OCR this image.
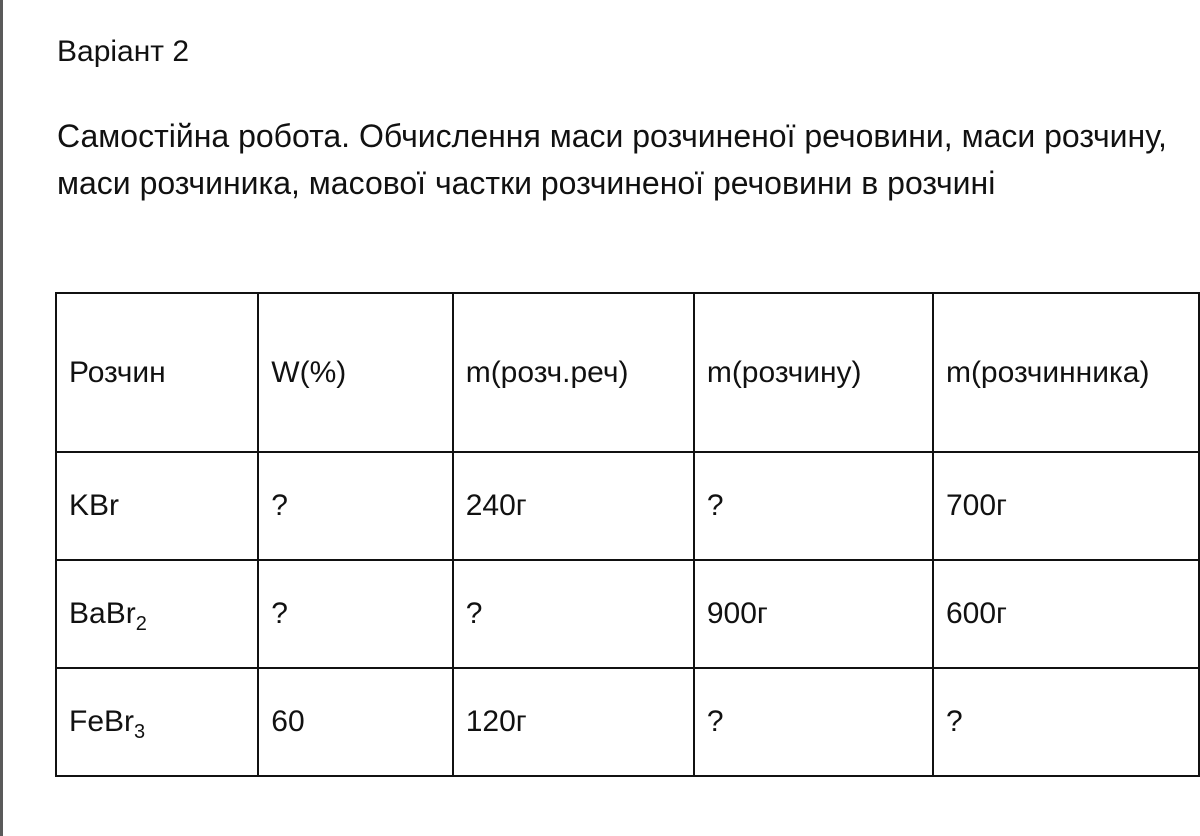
Варіант 2

Самостійна робота. Обчислення маси розчиненої речовини, маси розчину, маси розчиника, масової частки розчиненої речовини в розчині

Розчин	W(%)	m(розч.реч)	m(розчину)	m(розчинника)
KBr	?	240г	?	700г
BaBr$_2$	?	?	900г	600г
FeBr$_3$	60	120г	?	?
